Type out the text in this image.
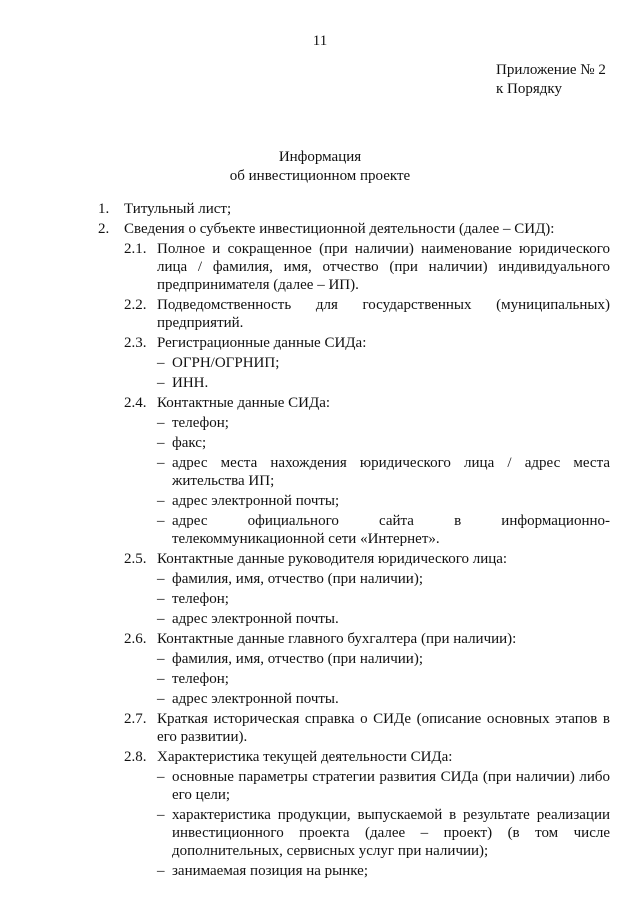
11
Приложение № 2
к Порядку
Информация
об инвестиционном проекте
1. Титульный лист;
2. Сведения о субъекте инвестиционной деятельности (далее – СИД):
2.1. Полное и сокращенное (при наличии) наименование юридического лица / фамилия, имя, отчество (при наличии) индивидуального предпринимателя (далее – ИП).
2.2. Подведомственность для государственных (муниципальных) предприятий.
2.3. Регистрационные данные СИДа:
– ОГРН/ОГРНИП;
– ИНН.
2.4. Контактные данные СИДа:
– телефон;
– факс;
– адрес места нахождения юридического лица / адрес места жительства ИП;
– адрес электронной почты;
– адрес официального сайта в информационно-телекоммуникационной сети «Интернет».
2.5. Контактные данные руководителя юридического лица:
– фамилия, имя, отчество (при наличии);
– телефон;
– адрес электронной почты.
2.6. Контактные данные главного бухгалтера (при наличии):
– фамилия, имя, отчество (при наличии);
– телефон;
– адрес электронной почты.
2.7. Краткая историческая справка о СИДе (описание основных этапов в его развитии).
2.8. Характеристика текущей деятельности СИДа:
– основные параметры стратегии развития СИДа (при наличии) либо его цели;
– характеристика продукции, выпускаемой в результате реализации инвестиционного проекта (далее – проект) (в том числе дополнительных, сервисных услуг при наличии);
– занимаемая позиция на рынке;
